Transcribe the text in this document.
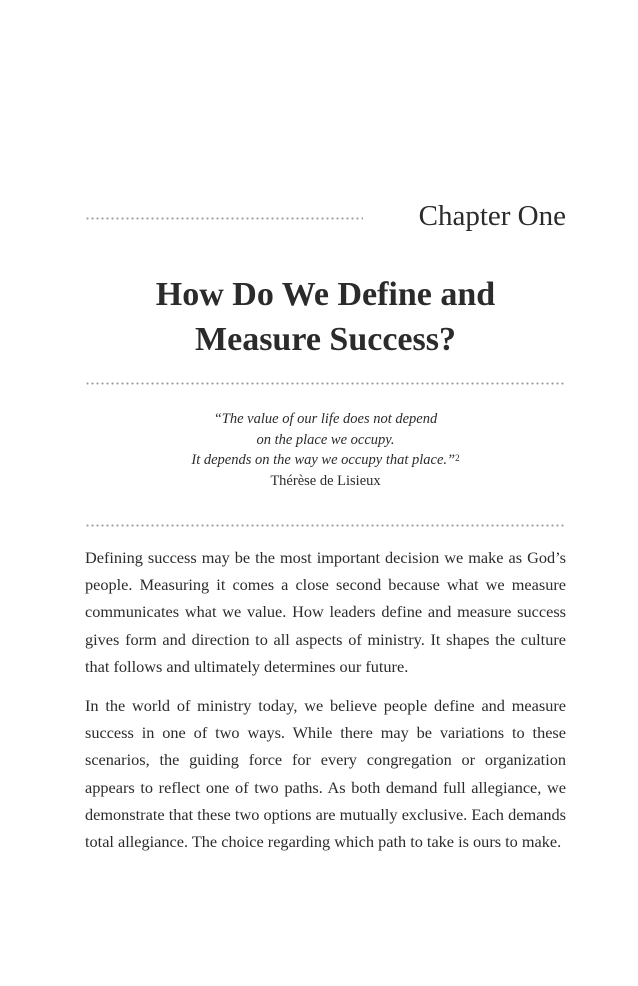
Chapter One
How Do We Define and
Measure Success?
“The value of our life does not depend
on the place we occupy.
It depends on the way we occupy that place.”$^2$
Thérèse de Lisieux

Defining success may be the most important decision we make as God’s people. Measuring it comes a close second because what we measure communicates what we value. How leaders define and measure success gives form and direction to all aspects of ministry. It shapes the culture that follows and ultimately determines our future.

In the world of ministry today, we believe people define and measure success in one of two ways. While there may be variations to these scenarios, the guiding force for every congregation or organization appears to reflect one of two paths. As both demand full allegiance, we demonstrate that these two options are mutually exclusive. Each demands total allegiance. The choice regarding which path to take is ours to make.
